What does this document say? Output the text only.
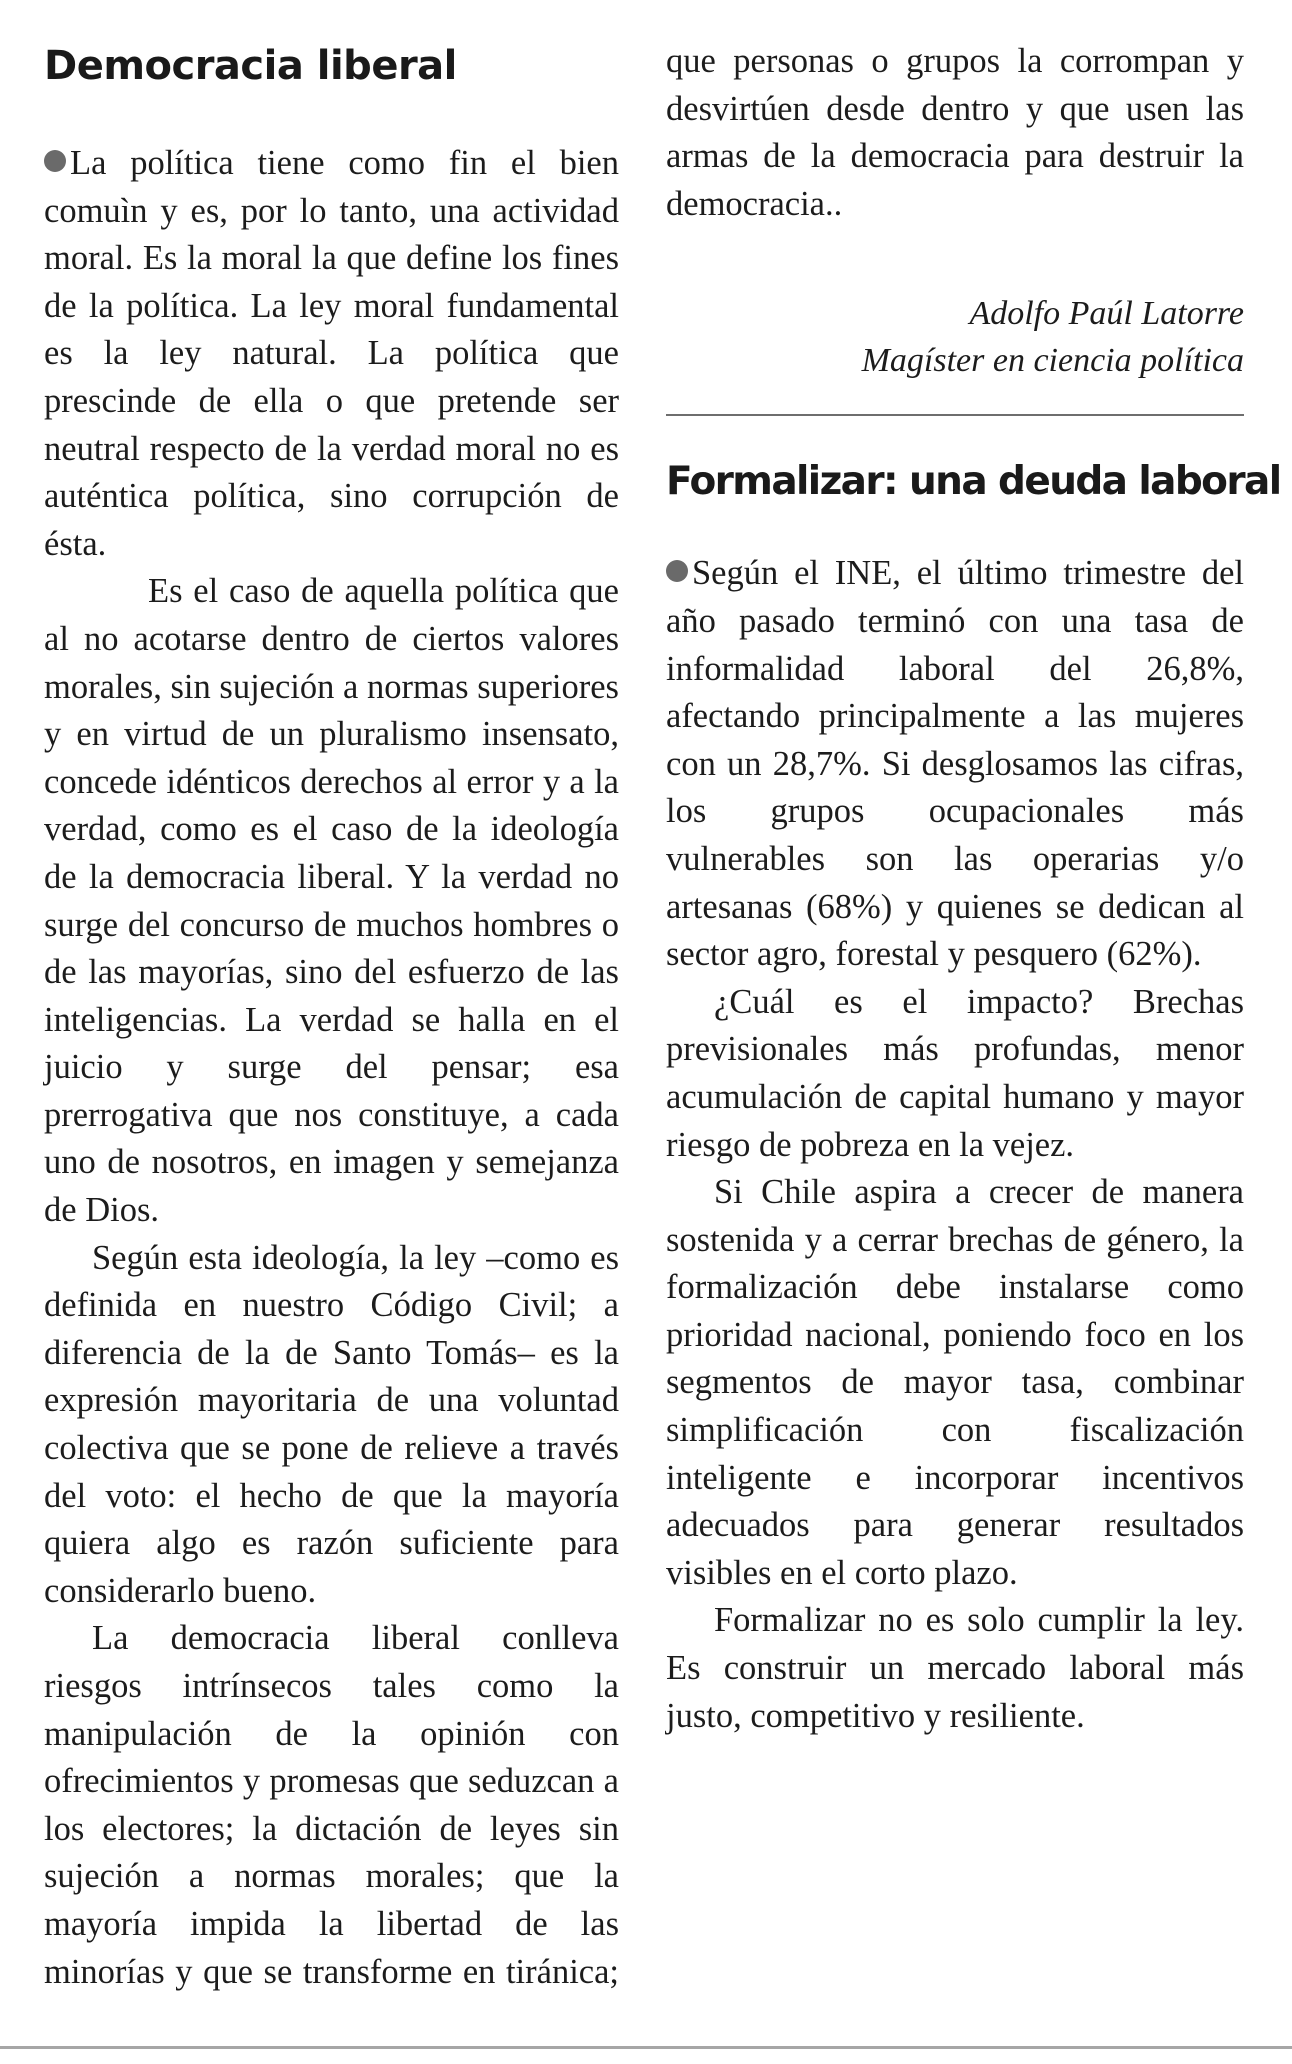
Democracia liberal

La política tiene como fin el bien comuìn y es, por lo tanto, una actividad moral. Es la moral la que define los fines de la política. La ley moral fundamental es la ley natural. La política que prescinde de ella o que pretende ser neutral respecto de la verdad moral no es auténtica política, sino corrupción de ésta.

Es el caso de aquella política que al no acotarse dentro de ciertos valores morales, sin sujeción a normas superiores y en virtud de un pluralismo insensato, concede idénticos derechos al error y a la verdad, como es el caso de la ideología de la democracia liberal. Y la verdad no surge del concurso de muchos hombres o de las mayorías, sino del esfuerzo de las inteligencias. La verdad se halla en el juicio y surge del pensar; esa prerrogativa que nos constituye, a cada uno de nosotros, en imagen y semejanza de Dios.

Según esta ideología, la ley –como es definida en nuestro Código Civil; a diferencia de la de Santo Tomás– es la expresión mayoritaria de una voluntad colectiva que se pone de relieve a través del voto: el hecho de que la mayoría quiera algo es razón suficiente para considerarlo bueno.

La democracia liberal conlleva riesgos intrínsecos tales como la manipulación de la opinión con ofrecimientos y promesas que seduzcan a los electores; la dictación de leyes sin sujeción a normas morales; que la mayoría impida la libertad de las minorías y que se transforme en tiránica;

que personas o grupos la corrompan y desvirtúen desde dentro y que usen las armas de la democracia para destruir la democracia..

Adolfo Paúl Latorre

Magíster en ciencia política

Formalizar: una deuda laboral

Según el INE, el último trimestre del año pasado terminó con una tasa de informalidad laboral del 26,8%, afectando principalmente a las mujeres con un 28,7%. Si desglosamos las cifras, los grupos ocupacionales más vulnerables son las operarias y/o artesanas (68%) y quienes se dedican al sector agro, forestal y pesquero (62%).

¿Cuál es el impacto? Brechas previsionales más profundas, menor acumulación de capital humano y mayor riesgo de pobreza en la vejez.

Si Chile aspira a crecer de manera sostenida y a cerrar brechas de género, la formalización debe instalarse como prioridad nacional, poniendo foco en los segmentos de mayor tasa, combinar simplificación con fiscalización inteligente e incorporar incentivos adecuados para generar resultados visibles en el corto plazo.

Formalizar no es solo cumplir la ley. Es construir un mercado laboral más justo, competitivo y resiliente.
